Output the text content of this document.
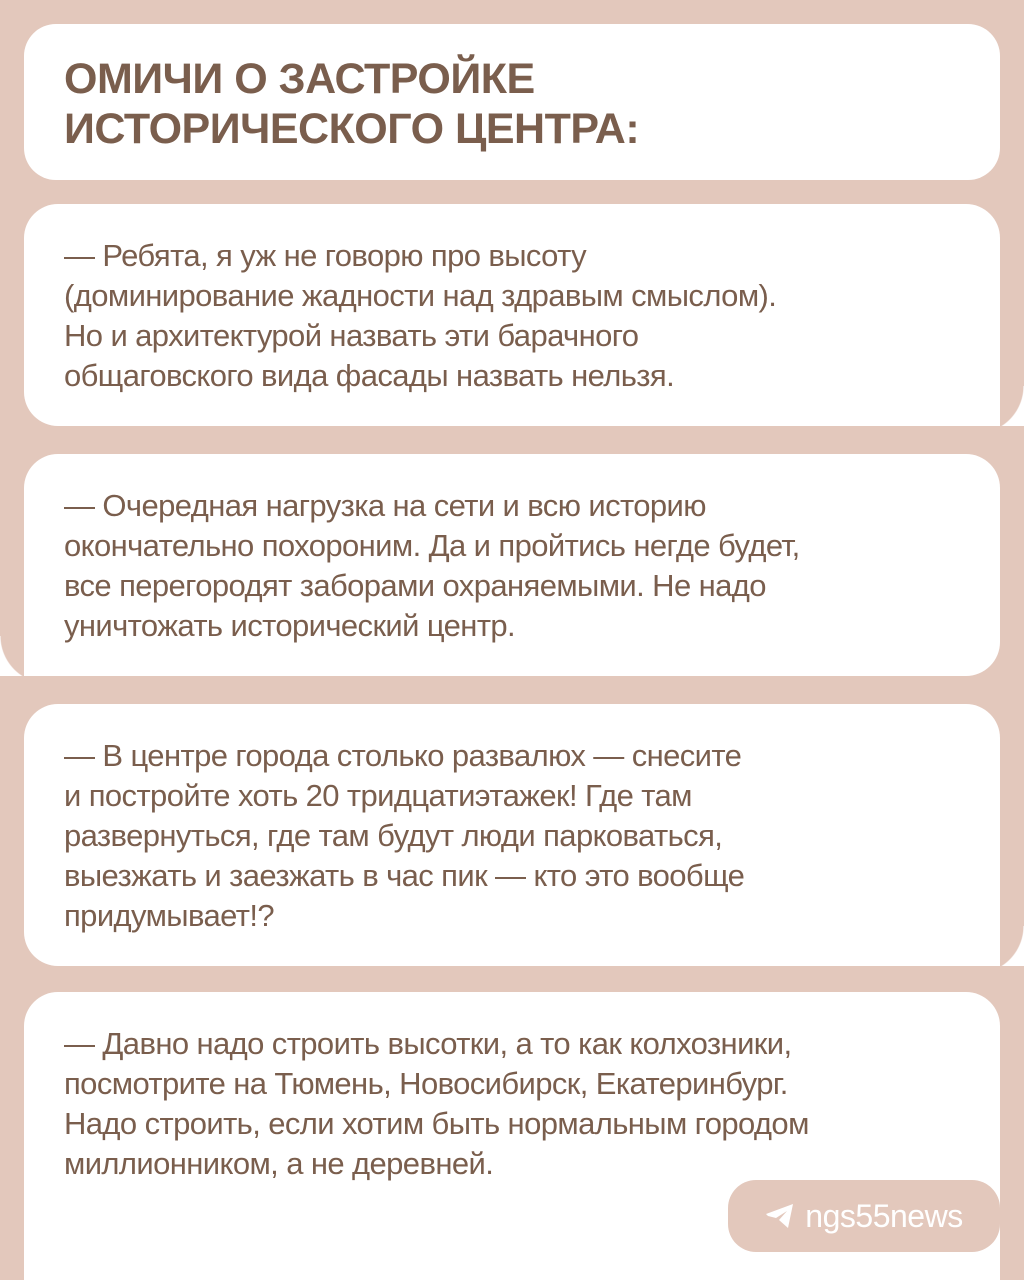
ОМИЧИ О ЗАСТРОЙКЕ
ИСТОРИЧЕСКОГО ЦЕНТРА:

— Ребята, я уж не говорю про высоту
(доминирование жадности над здравым смыслом).
Но и архитектурой назвать эти барачного
общаговского вида фасады назвать нельзя.

— Очередная нагрузка на сети и всю историю
окончательно похороним. Да и пройтись негде будет,
все перегородят заборами охраняемыми. Не надо
уничтожать исторический центр.

— В центре города столько развалюх — снесите
и постройте хоть 20 тридцатиэтажек! Где там
развернуться, где там будут люди парковаться,
выезжать и заезжать в час пик — кто это вообще
придумывает!?

— Давно надо строить высотки, а то как колхозники,
посмотрите на Тюмень, Новосибирск, Екатеринбург.
Надо строить, если хотим быть нормальным городом
миллионником, а не деревней.

ngs55news
